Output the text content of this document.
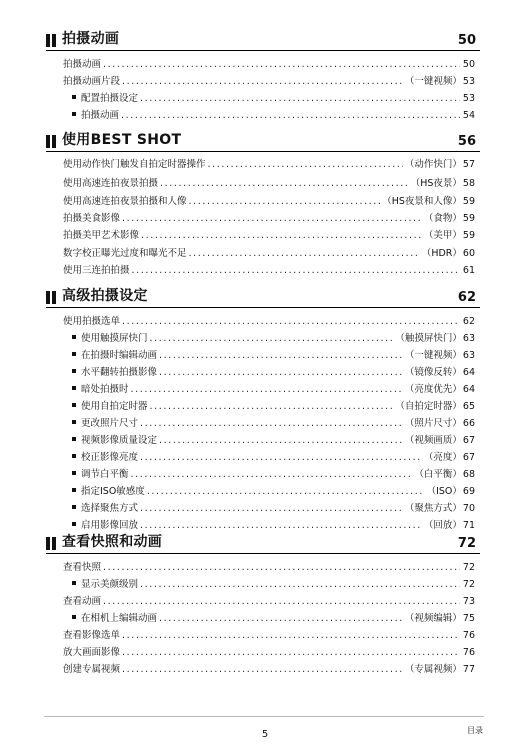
拍摄动画	50
拍摄动画 .....	50
拍摄动画片段 .....	（一键视频） 53
配置拍摄设定 .....	53
拍摄动画 .....	54
使用BEST SHOT	56
使用动作快门触发自拍定时器操作 .....	（动作快门） 57
使用高速连拍夜景拍摄 .....	（HS夜景） 58
使用高速连拍夜景拍摄和人像 .....	（HS夜景和人像） 59
拍摄美食影像 .....	（食物） 59
拍摄美甲艺术影像 .....	（美甲） 59
数字校正曝光过度和曝光不足 .....	（HDR） 60
使用三连拍拍摄 .....	61
高级拍摄设定	62
使用拍摄选单 .....	62
使用触摸屏快门 .....	（触摸屏快门） 63
在拍摄时编辑动画 .....	（一键视频） 63
水平翻转拍摄影像 .....	（镜像反转） 64
暗处拍摄时 .....	（亮度优先） 64
使用自拍定时器 .....	（自拍定时器） 65
更改照片尺寸 .....	（照片尺寸） 66
视频影像质量设定 .....	（视频画质） 67
校正影像亮度 .....	（亮度） 67
调节白平衡 .....	（白平衡） 68
指定ISO敏感度 .....	（ISO） 69
选择聚焦方式 .....	（聚焦方式） 70
启用影像回放 .....	（回放） 71
查看快照和动画	72
查看快照 .....	72
显示美颜级别 .....	72
查看动画 .....	73
在相机上编辑动画 .....	（视频编辑） 75
查看影像选单 .....	76
放大画面影像 .....	76
创建专属视频 .....	（专属视频） 77
5	目录
